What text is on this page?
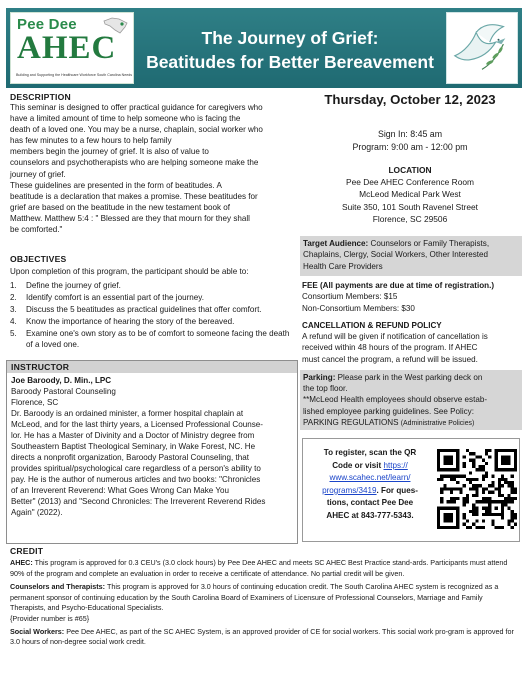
Pee Dee
AHEC
Building and Supporting the Healthcare Workforce South Carolina Needs
The Journey of Grief:
Beatitudes for Better Bereavement
DESCRIPTION

This seminar is designed to offer practical guidance for caregivers who

have a limited amount of time to help someone who is facing the

death of a loved one. You may be a nurse, chaplain, social worker who

has few minutes to a few hours to help family

members begin the journey of grief. It is also of value to

counselors and psychotherapists who are helping someone make the

journey of grief.

These guidelines are presented in the form of beatitudes. A

beatitude is a declaration that makes a promise. These beatitudes for

grief are based on the beatitude in the new testament book of

Matthew. Matthew 5:4 : " Blessed are they that mourn for they shall

be comforted."

OBJECTIVES
Upon completion of this program, the participant should be able to:
1.	Define the journey of grief.
2.	Identify comfort is an essential part of the journey.
3.	Discuss the 5 beatitudes as practical guidelines that offer comfort.
4.	Know the importance of hearing the story of the bereaved.
5.	Examine one's own story as to be of comfort to someone facing the death of a loved one.
INSTRUCTOR
Joe Baroody, D. Min., LPC
Baroody Pastoral Counseling
Florence, SC
Dr. Baroody is an ordained minister, a former hospital chaplain at
McLeod, and for the last thirty years, a Licensed Professional Counse-
lor. He has a Master of Divinity and a Doctor of Ministry degree from
Southeastern Baptist Theological Seminary, in Wake Forest, NC. He
directs a nonprofit organization, Baroody Pastoral Counseling, that
provides spiritual/psychological care regardless of a person's ability to
pay. He is the author of numerous articles and two books: "Chronicles
of an Irreverent Reverend: What Goes Wrong Can Make You
Better" (2013) and "Second Chronicles: The Irreverent Reverend Rides
Again" (2022).
Thursday, October 12, 2023
Sign In: 8:45 am
Program: 9:00 am - 12:00 pm
LOCATION
Pee Dee AHEC Conference Room
McLeod Medical Park West
Suite 350, 101 South Ravenel Street
Florence, SC 29506
Target Audience: Counselors or Family Therapists,
Chaplains, Clergy, Social Workers, Other Interested
Health Care Providers
FEE (All payments are due at time of registration.)
Consortium Members: $15
Non-Consortium Members: $30
CANCELLATION & REFUND POLICY
A refund will be given if notification of cancellation is
received within 48 hours of the program. If AHEC
must cancel the program, a refund will be issued.
Parking: Please park in the West parking deck on
the top floor.
**McLeod Health employees should observe estab-
lished employee parking guidelines. See Policy:
PARKING REGULATIONS (Administrative Policies)
To register, scan the QR
Code or visit https://
www.scahec.net/learn/
programs/3419. For ques-
tions, contact Pee Dee
AHEC at 843-777-5343.
CREDIT

AHEC: This program is approved for 0.3 CEU's (3.0 clock hours) by Pee Dee AHEC and meets SC AHEC Best Practice stand-ards. Participants must attend 90% of the program and complete an evaluation in order to receive a certificate of attendance. No partial credit will be given.

Counselors and Therapists: This program is approved for 3.0 hours of continuing education credit. The South Carolina AHEC system is recognized as a permanent sponsor of continuing education by the South Carolina Board of Examiners of Licensure of Professional Counselors, Marriage and Family Therapists, and Psycho-Educational Specialists.
{Provider number is #65}

Social Workers: Pee Dee AHEC, as part of the SC AHEC System, is an approved provider of CE for social workers. This social work pro-gram is approved for 3.0 hours of non-degree social work credit.
